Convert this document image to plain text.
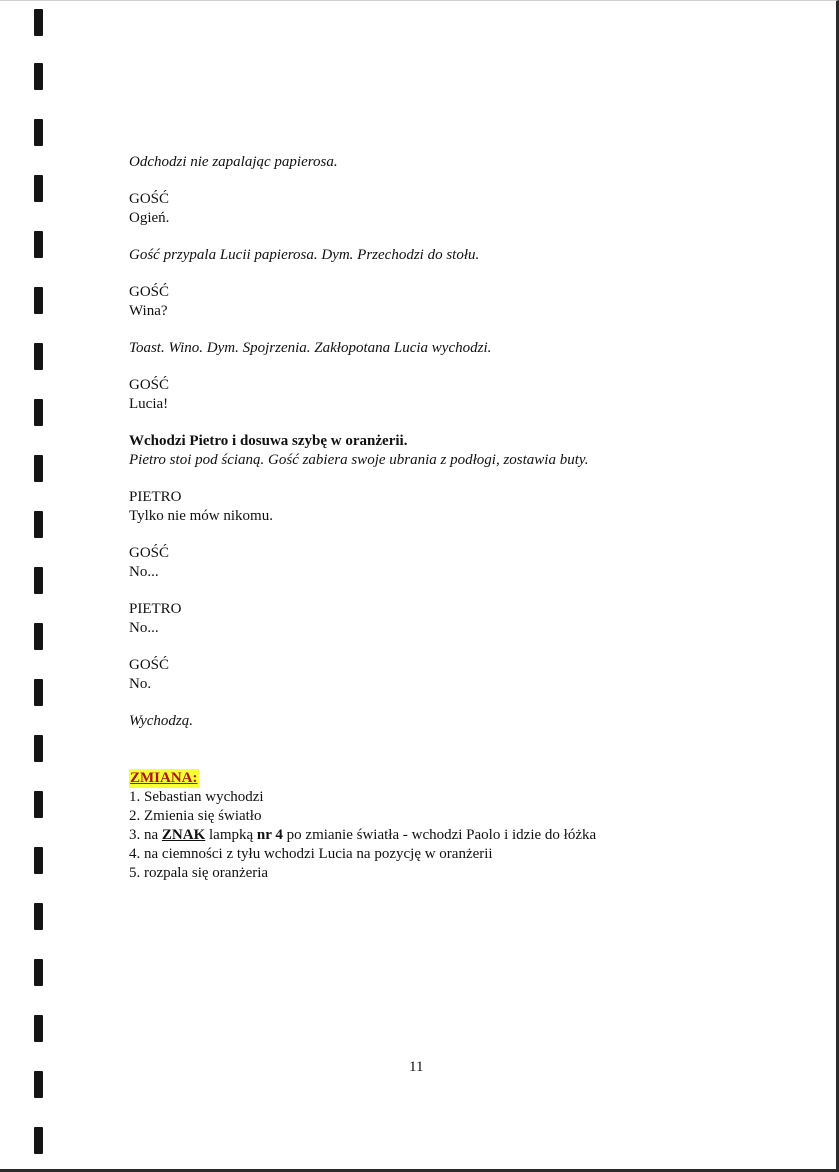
Odchodzi nie zapalając papierosa.

GOŚĆ
Ogień.

Gość przypala Lucii papierosa. Dym. Przechodzi do stołu.

GOŚĆ
Wina?

Toast. Wino. Dym. Spojrzenia. Zakłopotana Lucia wychodzi.

GOŚĆ
Lucia!
Wchodzi Pietro i dosuwa szybę w oranżerii.
Pietro stoi pod ścianą. Gość zabiera swoje ubrania z podłogi, zostawia buty.
PIETRO
Tylko nie mów nikomu.
GOŚĆ
No...
PIETRO
No...
GOŚĆ
No.

Wychodzą.

ZMIANA:
1. Sebastian wychodzi
2. Zmienia się światło
3. na ZNAK lampką nr 4 po zmianie światła - wchodzi Paolo i idzie do łóżka
4. na ciemności z tyłu wchodzi Lucia na pozycję w oranżerii
5. rozpala się oranżeria
11
